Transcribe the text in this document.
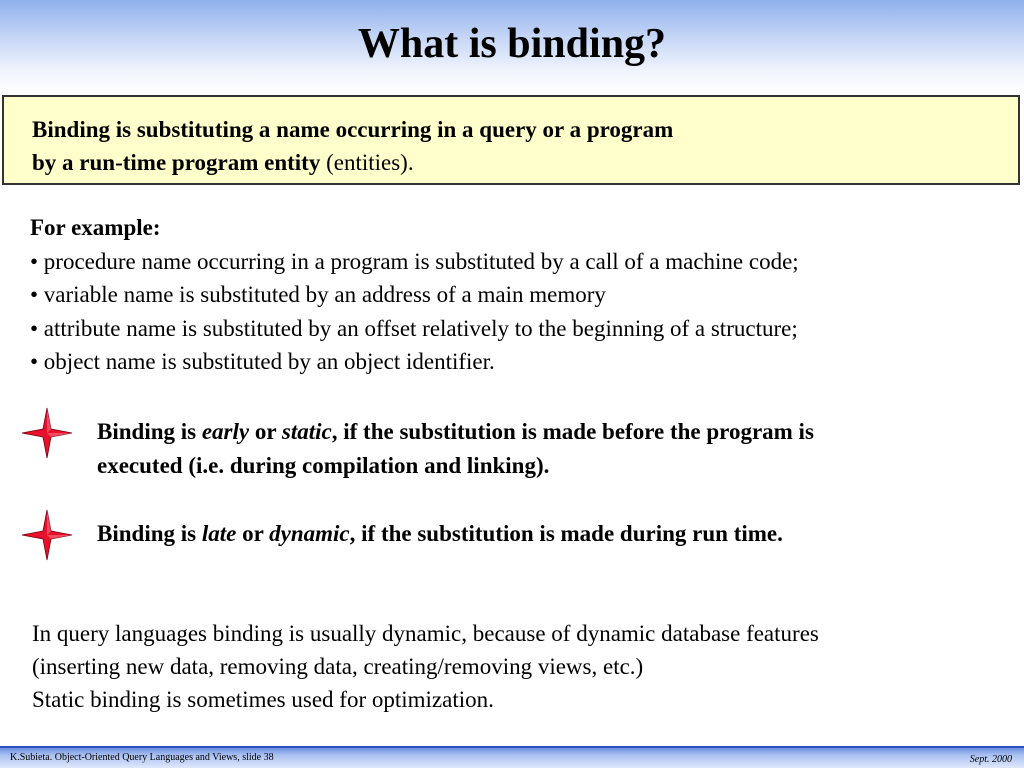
What is binding?
Binding is substituting a name occurring in a query or a program
by a run-time program entity (entities).
For example:
• procedure name occurring in a program is substituted by a call of a machine code;
• variable name is substituted by an address of a main memory
• attribute name is substituted by an offset relatively to the beginning of a structure;
• object name is substituted by an object identifier.
Binding is early or static, if the substitution is made before the program is
executed (i.e. during compilation and linking).
Binding is late or dynamic, if the substitution is made during run time.
In query languages binding is usually dynamic, because of dynamic database features
(inserting new data, removing data, creating/removing views, etc.)
Static binding is sometimes used for optimization.
K.Subieta. Object-Oriented Query Languages and Views, slide 38	Sept. 2000
